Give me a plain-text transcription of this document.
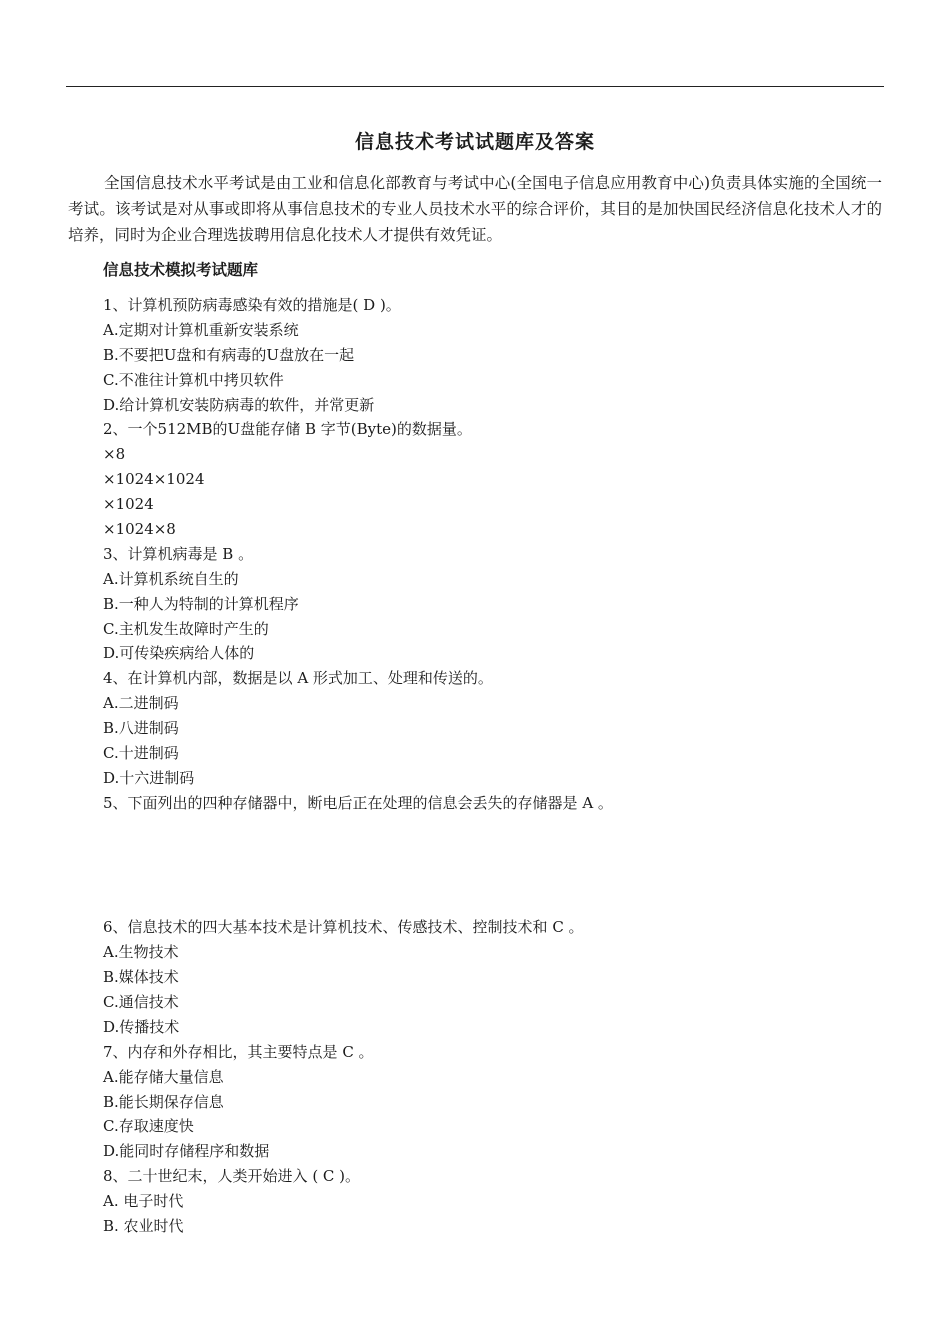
信息技术考试试题库及答案

全国信息技术水平考试是由工业和信息化部教育与考试中心(全国电子信息应用教育中心)负责具体实施的全国统一考试。该考试是对从事或即将从事信息技术的专业人员技术水平的综合评价，其目的是加快国民经济信息化技术人才的培养，同时为企业合理选拔聘用信息化技术人才提供有效凭证。

信息技术模拟考试题库
1、计算机预防病毒感染有效的措施是( D )。
A.定期对计算机重新安装系统
B.不要把U盘和有病毒的U盘放在一起
C.不准往计算机中拷贝软件
D.给计算机安装防病毒的软件，并常更新
2、一个512MB的U盘能存储 B 字节(Byte)的数据量。
×8
×1024×1024
×1024
×1024×8
3、计算机病毒是 B 。
A.计算机系统自生的
B.一种人为特制的计算机程序
C.主机发生故障时产生的
D.可传染疾病给人体的
4、在计算机内部，数据是以 A 形式加工、处理和传送的。
A.二进制码
B.八进制码
C.十进制码
D.十六进制码
5、下面列出的四种存储器中，断电后正在处理的信息会丢失的存储器是 A 。
6、信息技术的四大基本技术是计算机技术、传感技术、控制技术和 C 。
A.生物技术
B.媒体技术
C.通信技术
D.传播技术
7、内存和外存相比，其主要特点是 C 。
A.能存储大量信息
B.能长期保存信息
C.存取速度快
D.能同时存储程序和数据
8、二十世纪末，人类开始进入 ( C )。
A. 电子时代
B. 农业时代
